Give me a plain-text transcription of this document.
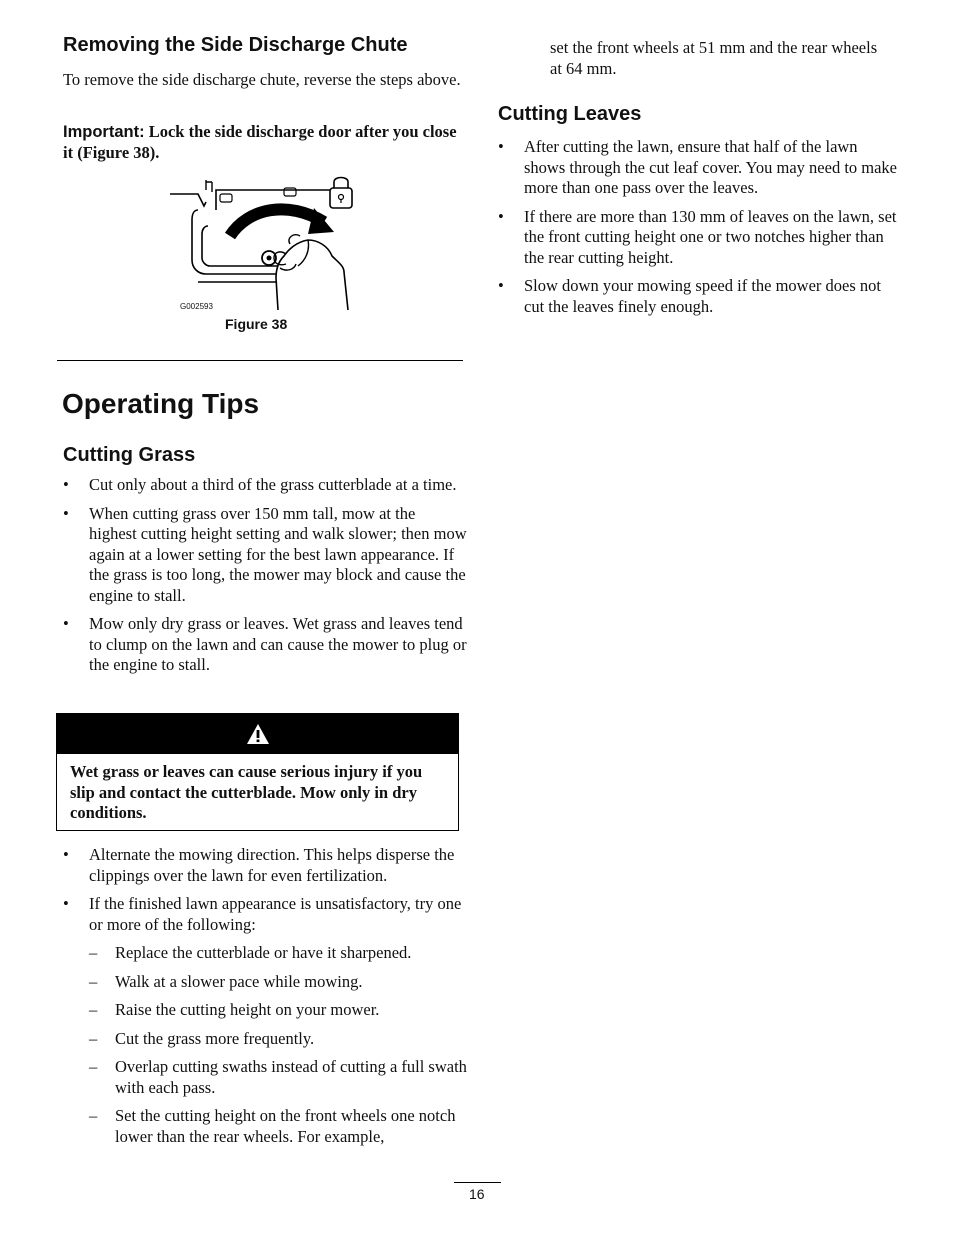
Removing the Side Discharge Chute

To remove the side discharge chute, reverse the steps above.

Important: Lock the side discharge door after you close it (Figure 38).

G002593
Figure 38
Operating Tips
Cutting Grass
• Cut only about a third of the grass cutterblade at a time.
• When cutting grass over 150 mm tall, mow at the highest cutting height setting and walk slower; then mow again at a lower setting for the best lawn appearance. If the grass is too long, the mower may block and cause the engine to stall.
• Mow only dry grass or leaves. Wet grass and leaves tend to clump on the lawn and can cause the mower to plug or the engine to stall.
Wet grass or leaves can cause serious injury if you slip and contact the cutterblade. Mow only in dry conditions.
• Alternate the mowing direction. This helps disperse the clippings over the lawn for even fertilization.
• If the finished lawn appearance is unsatisfactory, try one or more of the following:
– Replace the cutterblade or have it sharpened.
– Walk at a slower pace while mowing.
– Raise the cutting height on your mower.
– Cut the grass more frequently.
– Overlap cutting swaths instead of cutting a full swath with each pass.
– Set the cutting height on the front wheels one notch lower than the rear wheels. For example,

set the front wheels at 51 mm and the rear wheels at 64 mm.

Cutting Leaves
• After cutting the lawn, ensure that half of the lawn shows through the cut leaf cover. You may need to make more than one pass over the leaves.
• If there are more than 130 mm of leaves on the lawn, set the front cutting height one or two notches higher than the rear cutting height.
• Slow down your mowing speed if the mower does not cut the leaves finely enough.
16
